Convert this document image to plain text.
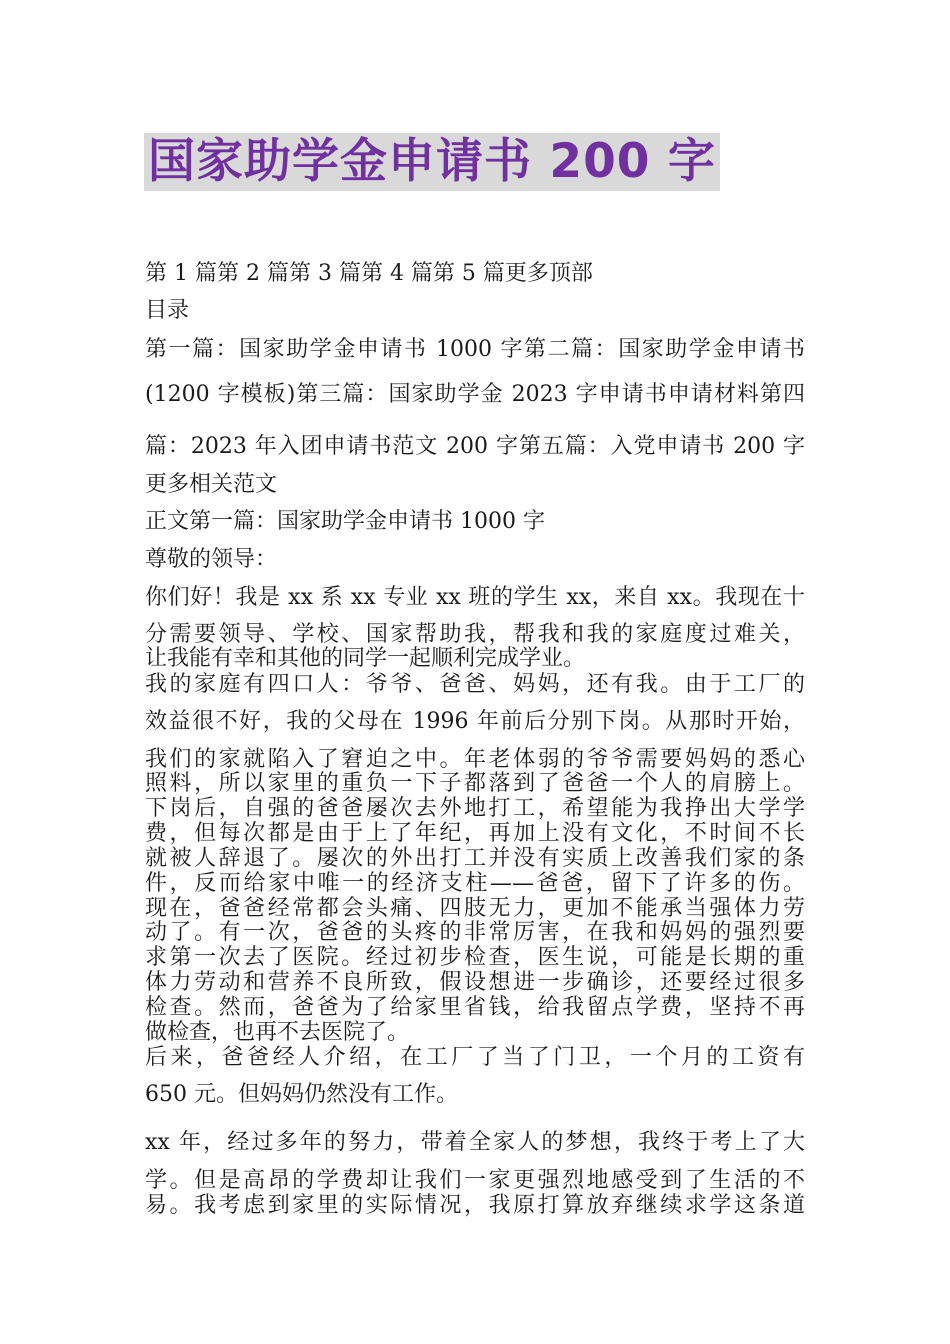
国家助学金申请书 200 字
第 1 篇第 2 篇第 3 篇第 4 篇第 5 篇更多顶部
目录
第一篇：国家助学金申请书 1000 字第二篇：国家助学金申请书
(1200 字模板)第三篇：国家助学金 2023 字申请书申请材料第四
篇：2023 年入团申请书范文 200 字第五篇：入党申请书 200 字
更多相关范文
正文第一篇：国家助学金申请书 1000 字
尊敬的领导：
你们好！我是 xx 系 xx 专业 xx 班的学生 xx，来自 xx。我现在十
分需要领导、学校、国家帮助我，帮我和我的家庭度过难关，
让我能有幸和其他的同学一起顺利完成学业。
我的家庭有四口人：爷爷、爸爸、妈妈，还有我。由于工厂的
效益很不好，我的父母在 1996 年前后分别下岗。从那时开始，
我们的家就陷入了窘迫之中。年老体弱的爷爷需要妈妈的悉心
照料，所以家里的重负一下子都落到了爸爸一个人的肩膀上。
下岗后，自强的爸爸屡次去外地打工，希望能为我挣出大学学
费，但每次都是由于上了年纪，再加上没有文化，不时间不长
就被人辞退了。屡次的外出打工并没有实质上改善我们家的条
件，反而给家中唯一的经济支柱——爸爸，留下了许多的伤。
现在，爸爸经常都会头痛、四肢无力，更加不能承当强体力劳
动了。有一次，爸爸的头疼的非常厉害，在我和妈妈的强烈要
求第一次去了医院。经过初步检查，医生说，可能是长期的重
体力劳动和营养不良所致，假设想进一步确诊，还要经过很多
检查。然而，爸爸为了给家里省钱，给我留点学费，坚持不再
做检查，也再不去医院了。
后来，爸爸经人介绍，在工厂了当了门卫，一个月的工资有
650 元。但妈妈仍然没有工作。
xx 年，经过多年的努力，带着全家人的梦想，我终于考上了大
学。但是高昂的学费却让我们一家更强烈地感受到了生活的不
易。我考虑到家里的实际情况，我原打算放弃继续求学这条道
